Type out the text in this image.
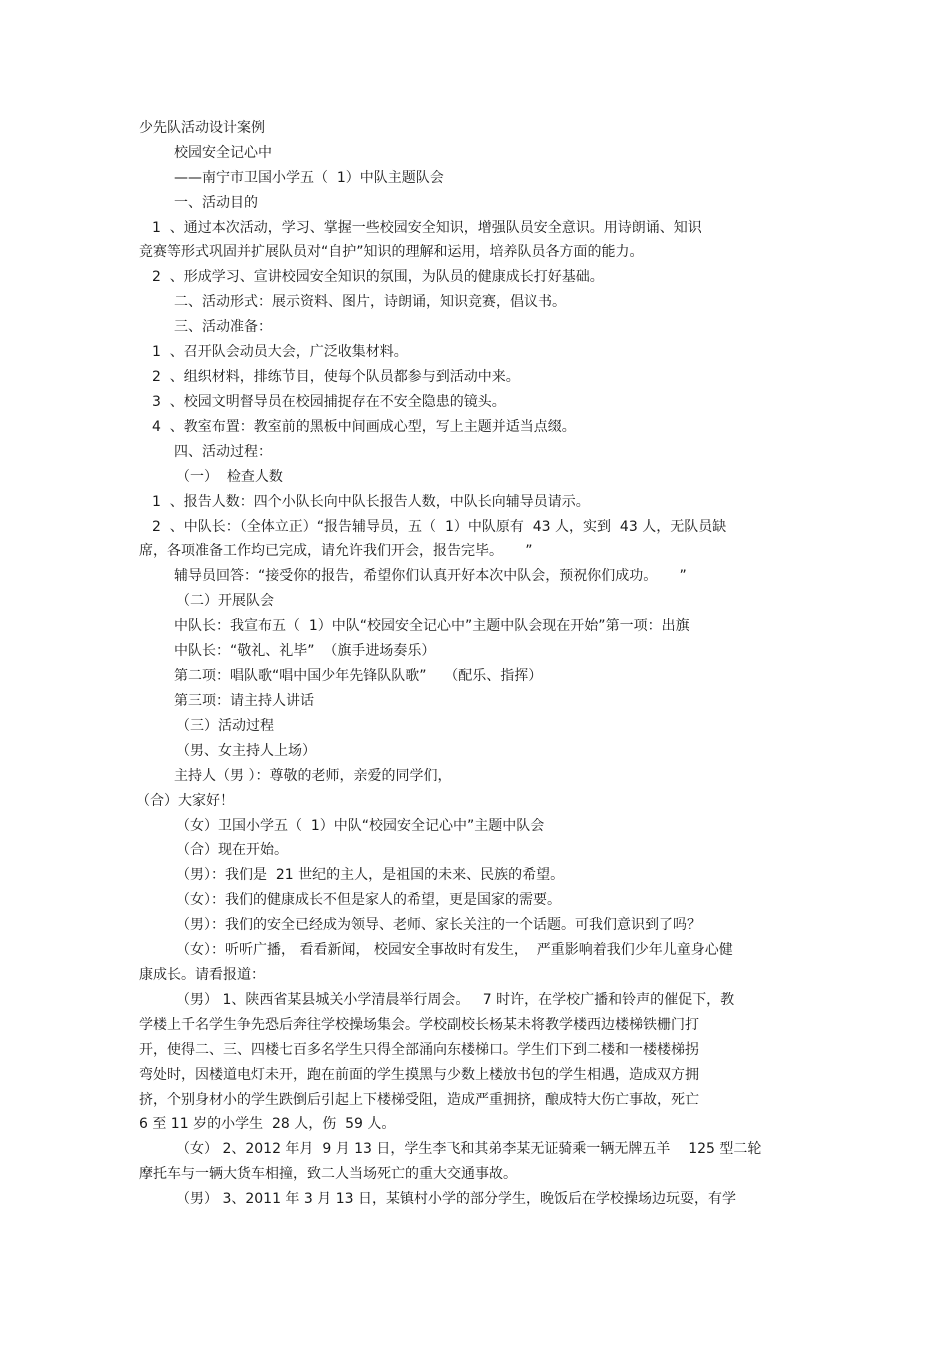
少先队活动设计案例
校园安全记心中
——南宁市卫国小学五（  1）中队主题队会
一、活动目的
1  、通过本次活动，学习、掌握一些校园安全知识，增强队员安全意识。用诗朗诵、知识
竞赛等形式巩固并扩展队员对“自护”知识的理解和运用，培养队员各方面的能力。
2  、形成学习、宣讲校园安全知识的氛围，为队员的健康成长打好基础。
二、活动形式：展示资料、图片，诗朗诵，知识竞赛，倡议书。
三、活动准备：
1  、召开队会动员大会，广泛收集材料。
2  、组织材料，排练节目，使每个队员都参与到活动中来。
3  、校园文明督导员在校园捕捉存在不安全隐患的镜头。
4  、教室布置：教室前的黑板中间画成心型，写上主题并适当点缀。
四、活动过程：
（一）  检查人数
1  、报告人数：四个小队长向中队长报告人数，中队长向辅导员请示。
2  、中队长：（全体立正）“报告辅导员，五（  1）中队原有  43 人，实到  43 人，无队员缺
席，各项准备工作均已完成，请允许我们开会，报告完毕。     ”
辅导员回答：“接受你的报告，希望你们认真开好本次中队会，预祝你们成功。     ”
（二）开展队会
中队长：我宣布五（  1）中队“校园安全记心中”主题中队会现在开始”第一项：出旗
中队长：“敬礼、礼毕”  （旗手进场奏乐）
第二项：唱队歌“唱中国少年先锋队队歌”    （配乐、指挥）
第三项：请主持人讲话
（三）活动过程
（男、女主持人上场）
主持人（男 ）：尊敬的老师，亲爱的同学们，
（合）大家好！
（女）卫国小学五（  1）中队“校园安全记心中”主题中队会
（合）现在开始。
（男）：我们是  21 世纪的主人，是祖国的未来、民族的希望。
（女）：我们的健康成长不但是家人的希望，更是国家的需要。
（男）：我们的安全已经成为领导、老师、家长关注的一个话题。可我们意识到了吗？
（女）：听听广播， 看看新闻， 校园安全事故时有发生，  严重影响着我们少年儿童身心健
康成长。请看报道：
（男） 1、陕西省某县城关小学清晨举行周会。   7 时许，在学校广播和铃声的催促下，教
学楼上千名学生争先恐后奔往学校操场集会。学校副校长杨某未将教学楼西边楼梯铁栅门打
开，使得二、三、四楼七百多名学生只得全部涌向东楼梯口。学生们下到二楼和一楼楼梯拐
弯处时，因楼道电灯未开，跑在前面的学生摸黑与少数上楼放书包的学生相遇，造成双方拥
挤，个别身材小的学生跌倒后引起上下楼梯受阻，造成严重拥挤，酿成特大伤亡事故，死亡
6 至 11 岁的小学生  28 人，伤  59 人。
（女） 2、2012 年月  9 月 13 日，学生李飞和其弟李某无证骑乘一辆无牌五羊    125 型二轮
摩托车与一辆大货车相撞，致二人当场死亡的重大交通事故。
（男） 3、2011 年 3 月 13 日，某镇村小学的部分学生，晚饭后在学校操场边玩耍，有学
